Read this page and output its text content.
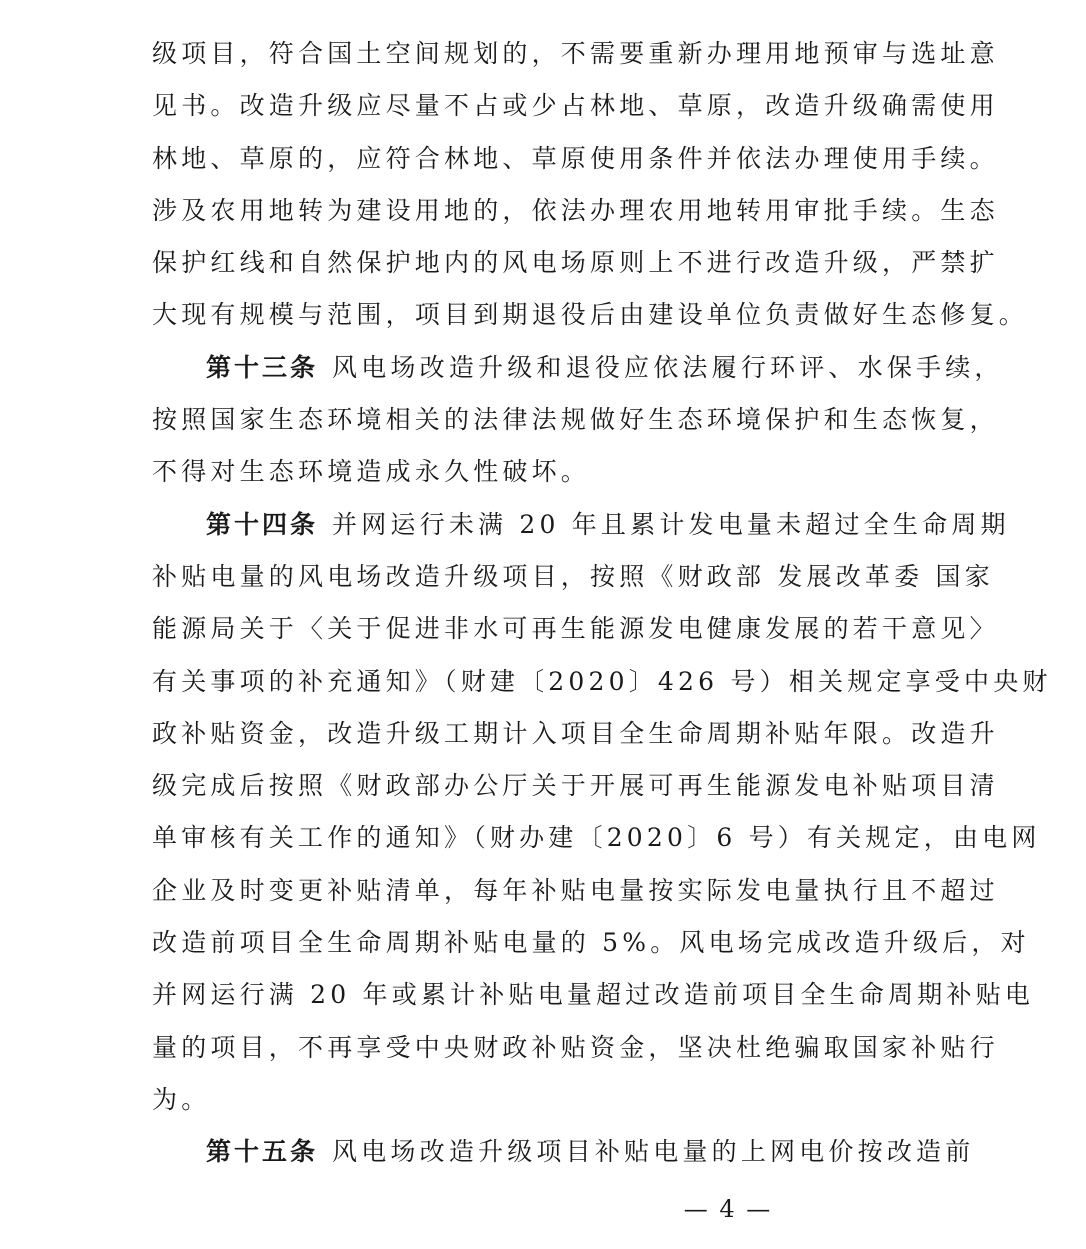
级项目，符合国土空间规划的，不需要重新办理用地预审与选址意
见书。改造升级应尽量不占或少占林地、草原，改造升级确需使用
林地、草原的，应符合林地、草原使用条件并依法办理使用手续。
涉及农用地转为建设用地的，依法办理农用地转用审批手续。生态
保护红线和自然保护地内的风电场原则上不进行改造升级，严禁扩
大现有规模与范围，项目到期退役后由建设单位负责做好生态修复。
第十三条 风电场改造升级和退役应依法履行环评、水保手续，
按照国家生态环境相关的法律法规做好生态环境保护和生态恢复，
不得对生态环境造成永久性破坏。
第十四条 并网运行未满 20 年且累计发电量未超过全生命周期
补贴电量的风电场改造升级项目，按照《财政部 发展改革委 国家
能源局关于〈关于促进非水可再生能源发电健康发展的若干意见〉
有关事项的补充通知》（财建〔2020〕426 号）相关规定享受中央财
政补贴资金，改造升级工期计入项目全生命周期补贴年限。改造升
级完成后按照《财政部办公厅关于开展可再生能源发电补贴项目清
单审核有关工作的通知》（财办建〔2020〕6 号）有关规定，由电网
企业及时变更补贴清单，每年补贴电量按实际发电量执行且不超过
改造前项目全生命周期补贴电量的 5%。风电场完成改造升级后，对
并网运行满 20 年或累计补贴电量超过改造前项目全生命周期补贴电
量的项目，不再享受中央财政补贴资金，坚决杜绝骗取国家补贴行
为。
第十五条 风电场改造升级项目补贴电量的上网电价按改造前
— 4 —
